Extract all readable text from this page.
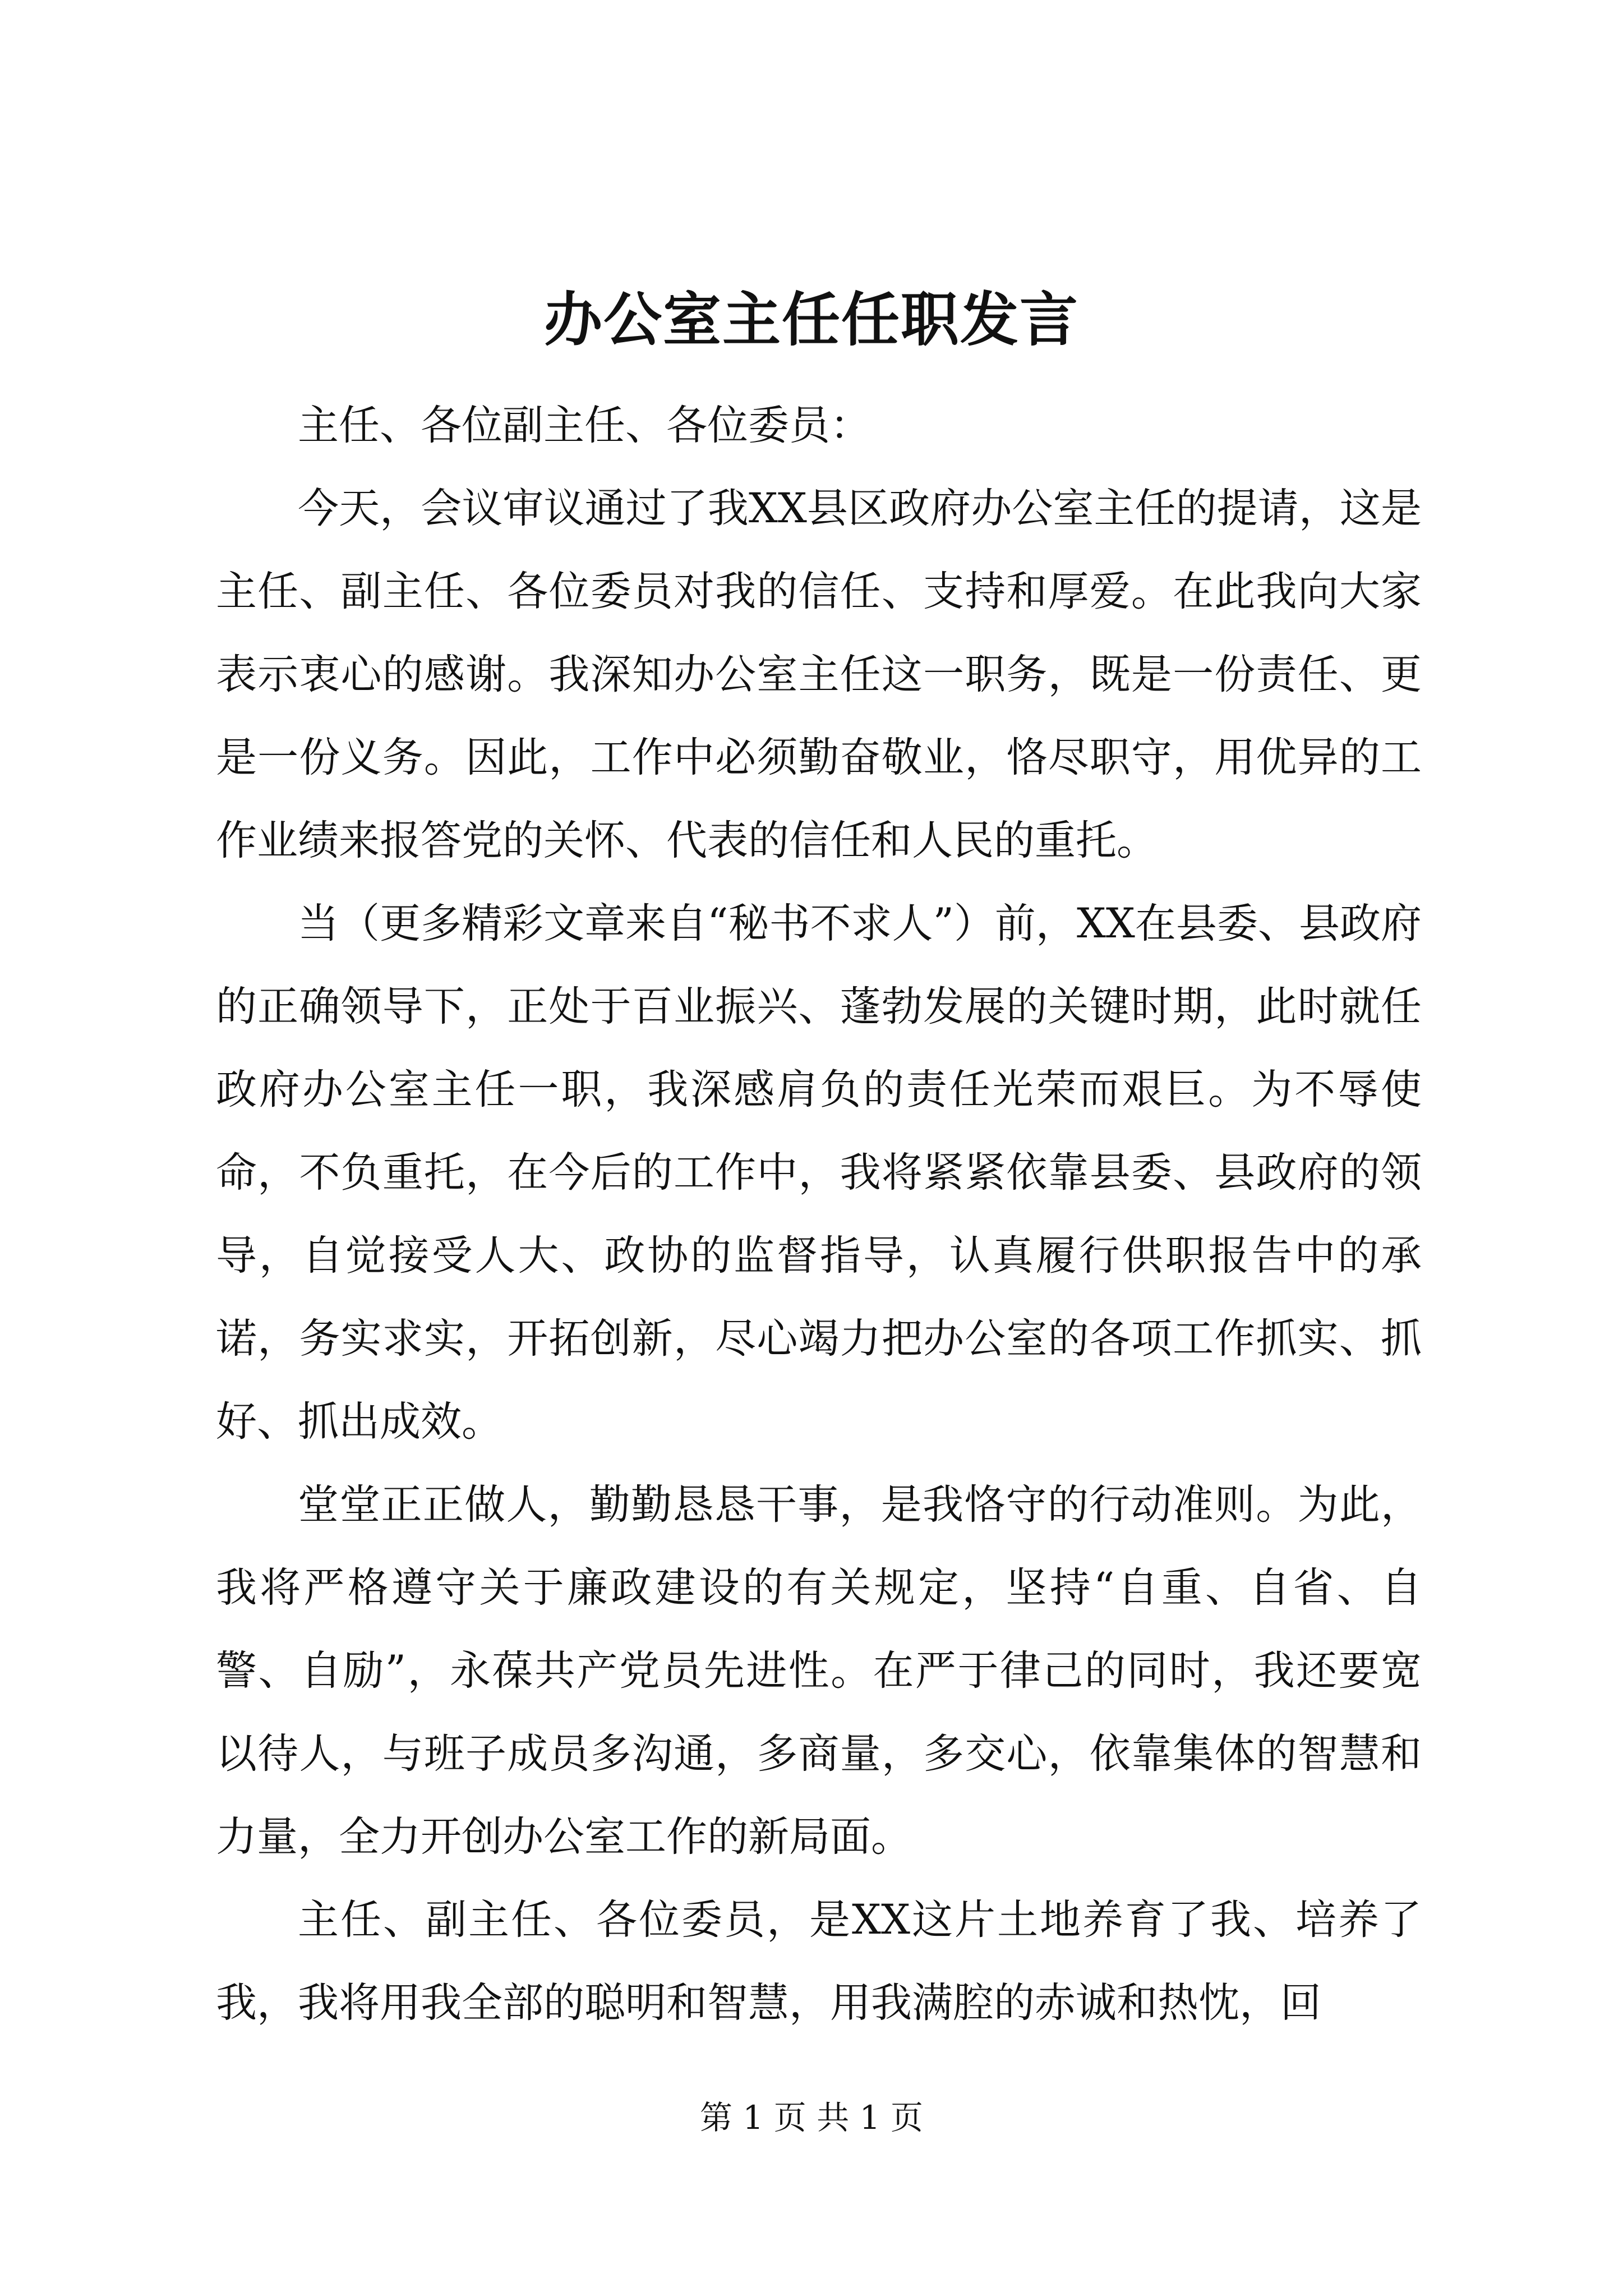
办公室主任任职发言

主任、各位副主任、各位委员：

今天，会议审议通过了我XX县区政府办公室主任的提请，这是主任、副主任、各位委员对我的信任、支持和厚爱。在此我向大家表示衷心的感谢。我深知办公室主任这一职务，既是一份责任、更是一份义务。因此，工作中必须勤奋敬业，恪尽职守，用优异的工作业绩来报答党的关怀、代表的信任和人民的重托。

当（更多精彩文章来自“秘书不求人”）前，XX在县委、县政府的正确领导下，正处于百业振兴、蓬勃发展的关键时期，此时就任政府办公室主任一职，我深感肩负的责任光荣而艰巨。为不辱使命，不负重托，在今后的工作中，我将紧紧依靠县委、县政府的领导，自觉接受人大、政协的监督指导，认真履行供职报告中的承诺，务实求实，开拓创新，尽心竭力把办公室的各项工作抓实、抓好、抓出成效。

堂堂正正做人，勤勤恳恳干事，是我恪守的行动准则。为此，我将严格遵守关于廉政建设的有关规定，坚持“自重、自省、自警、自励”，永葆共产党员先进性。在严于律己的同时，我还要宽以待人，与班子成员多沟通，多商量，多交心，依靠集体的智慧和力量，全力开创办公室工作的新局面。

主任、副主任、各位委员，是XX这片土地养育了我、培养了我，我将用我全部的聪明和智慧，用我满腔的赤诚和热忱，回

第 1 页 共 1 页
